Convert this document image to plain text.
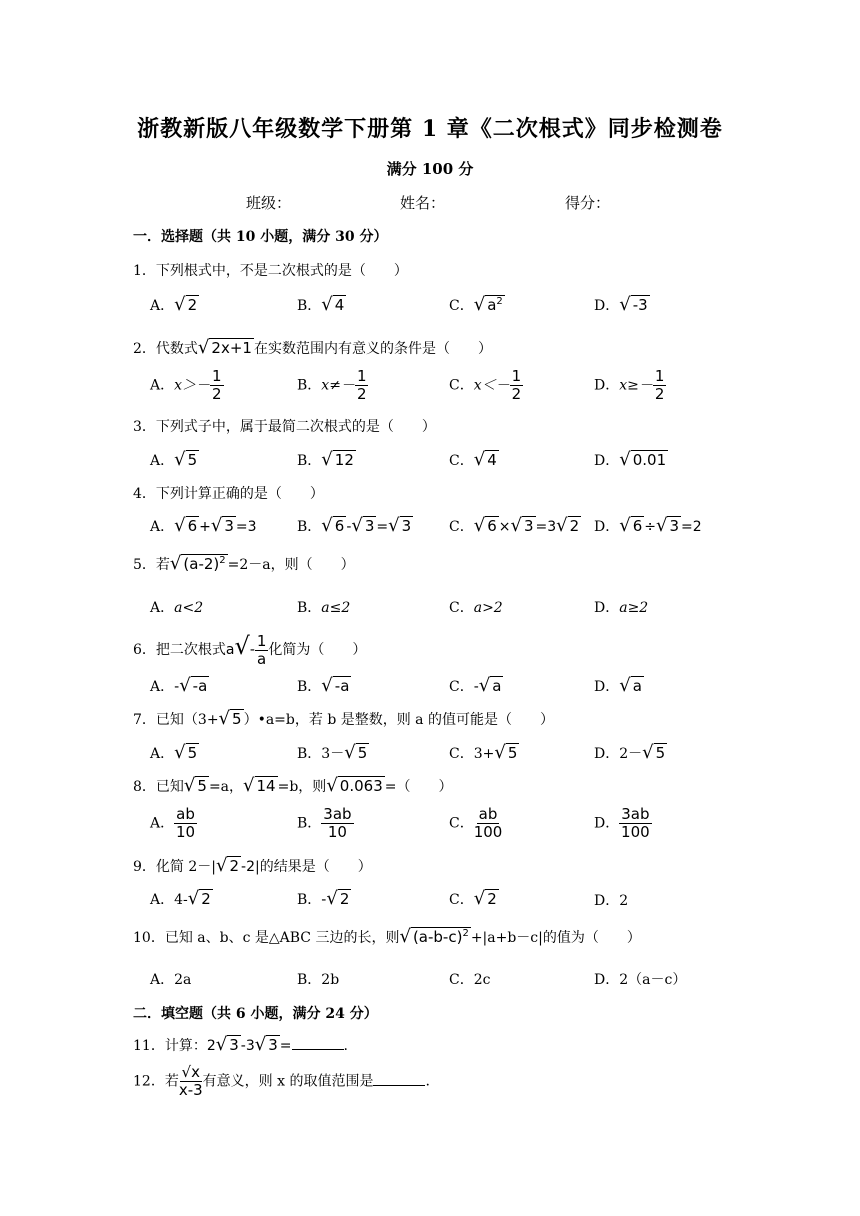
浙教新版八年级数学下册第 1 章《二次根式》同步检测卷
满分 100 分
班级：	姓名：	得分：
一．选择题（共 10 小题，满分 30 分）
1．下列根式中，不是二次根式的是（　　）
A．√ 2	B．√ 4	C．√ $a^2$	D．√ -3
2．代数式√ 2x+1 在实数范围内有意义的条件是（　　）
A．$x>- \frac{1}{2}$	B．$x\ne- \frac{1}{2}$	C．$x<- \frac{1}{2}$	D．$x\ge- \frac{1}{2}$
3．下列式子中，属于最简二次根式的是（　　）
A．√ 5	B．√ 12	C．√ 4	D．√ 0.01
4．下列计算正确的是（　　）
A．√ 6 +√ 3 =3	B．√ 6 -√ 3 =√ 3	C．√ 6 ×√ 3 =3√ 2 D．√ 6 ÷√ 3 =2
5．若√ $(a-2)^2 =2-a$，则（　　）
A．a<2	B．a≤2	C．a>2	D．a≥2
6．把二次根式$a√- \frac{1}{a}$ 化简为（　　）
A．-√ -a	B．√ -a	C．-√ a	D．√ a
7．已知（3+√ 5 ）•a=b，若 b 是整数，则 a 的值可能是（　　）
A．√ 5	B．3－√ 5	C．3+√ 5	D．2－√ 5
8．已知√ 5 =a，√ 14 =b，则√ 0.063 =（　　）
A． $\frac{ab}{10}$	B． $\frac{3ab}{10}$	C． $\frac{ab}{100}$	D． $\frac{3ab}{100}$
9．化简 2－|√ 2 -2|的结果是（　　）
A．4-√ 2	B．-√ 2	C．√ 2	D．2
10．已知 a、b、c 是△ABC 三边的长，则√ $(a-b-c)^2 +|a+b-c|$的值为（　　）
A．2a	B．2b	C．2c	D．2（a－c）
二．填空题（共 6 小题，满分 24 分）
11．计算：2√ 3 -3√ 3 =	.
12．若 $\frac{√x}{x-3}$ 有意义，则 x 的取值范围是	.
